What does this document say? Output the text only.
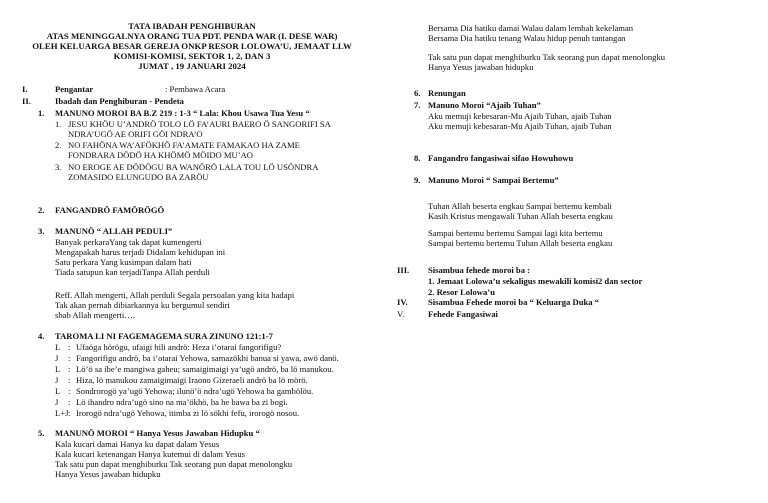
TATA IBADAH PENGHIBURAN
ATAS MENINGGALNYA ORANG TUA PDT. PENDA WAR (I. DESE WAR)
OLEH KELUARGA BESAR GEREJA ONKP RESOR LOLOWA’U, JEMAAT LLW
KOMISI-KOMISI, SEKTOR 1, 2, DAN 3
JUMAT , 19 JANUARI 2024
I.	Pengantar	: Pembawa Acara
II.	Ibadah dan Penghiburan - Pendeta
1. MANUNO MOROI BA B.Z 219 : 1-3 “ Lala: Khou Usawa Tua Yesu “
1. JESU KHÖU U’ANDRÖ TOLO LÖ FA’AURI BAERO Ö SANGORIFI SA
NDRA’UGÖ AE ORIFI GÖI NDRA’O
2. NO FAHÖNA WA’AFÖKHÖ FA’AMATE FAMAKAO HA ZAME
FONDRARA DÖDÖ HA KHÖMÖ MÖIDO MU’AO
3. NO EROGE AE DÖDÖGU BA WANÖRÖ LALA TOU LÖ USÖNDRA
ZOMASIDO ELUNGUDO BA ZARÖU
2. FANGANDRÖ FAMÖRÖGÖ
3. MANUNÖ “ ALLAH PEDULI”
Banyak perkaraYang tak dapat kumengerti
Mengapakah harus terjadi Didalam kehidupan ini
Satu perkara Yang kusimpan dalam hati
Tiada satupun kan terjadiTanpa Allah perduli
Reff. Allah mengerti, Allah perduli Segala persoalan yang kita hadapi
Tak akan pernah dibiarkannya ku bergumul sendiri
sbab Allah mengerti….
4. TAROMA LI NI FAGEMAGEMA SURA ZINUNO 121:1-7
L : Ufaöga hörögu, ufaigi hili andrö: Heza i’otarai fangorifigu?
J : Fangorifigu andrö, ba i’otarai Yehowa, samazökhi banua si yawa, awö danö.
L : Lö’ö sa ibe’e mangiwa gaheu; samaigimaigi ya’ugö andrö, ba lö manukou.
J : Hiza, lö manukou zamaigimaigi Iraono Gizeraeli andrö ba lö mörö.
L : Sondrorogö ya’ugö Yehowa; ilunö’ö ndra’ugö Yehowa ba gambölöu.
J : Lö ihandro ndra’ugö sino na ma’ökhö, ba he bawa ba zi bogi.
L+J : Irorogö ndra’ugö Yehowa, itimba zi lö sökhi fefu, irorogö nosou.
5. MANUNÖ MOROI “ Hanya Yesus Jawaban Hidupku “
Kala kucari damai Hanya ku dapat dalam Yesus
Kala kucari ketenangan Hanya kutemui di dalam Yesus
Tak satu pun dapat menghiburku Tak seorang pun dapat menolongku
Hanya Yesus jawaban hidupku
Bersama Dia hatiku damai Walau dalam lembah kekelaman
Bersama Dia hatiku tenang Walau hidup penuh tantangan
Tak satu pun dapat menghiburku Tak seorang pun dapat menolongku
Hanya Yesus jawaban hidupku
6. Renungan
7. Manuno Moroi “Ajaib Tuhan”
Aku memuji kebesaran-Mu Ajaib Tuhan, ajaib Tuhan
Aku memuji kebesaran-Mu Ajaib Tuhan, ajaib Tuhan
8. Fangandro fangasiwai sifao Howuhowu
9. Manuno Moroi “ Sampai Bertemu”
Tuhan Allah beserta engkau Sampai bertemu kembali
Kasih Kristus mengawali Tuhan Allah beserta engkau
Sampai bertemu bertemu Sampai lagi kita bertemu
Sampai bertemu bertemu Tuhan Allah beserta engkau
III. Sisambua fehede moroi ba :
1. Jemaat Lolowa’u sekaligus mewakili komisi2 dan sector
2. Resor Lolowa’u
IV. Sisambua Fehede moroi ba “ Keluarga Duka “
V.	Fehede Fangasiwai
